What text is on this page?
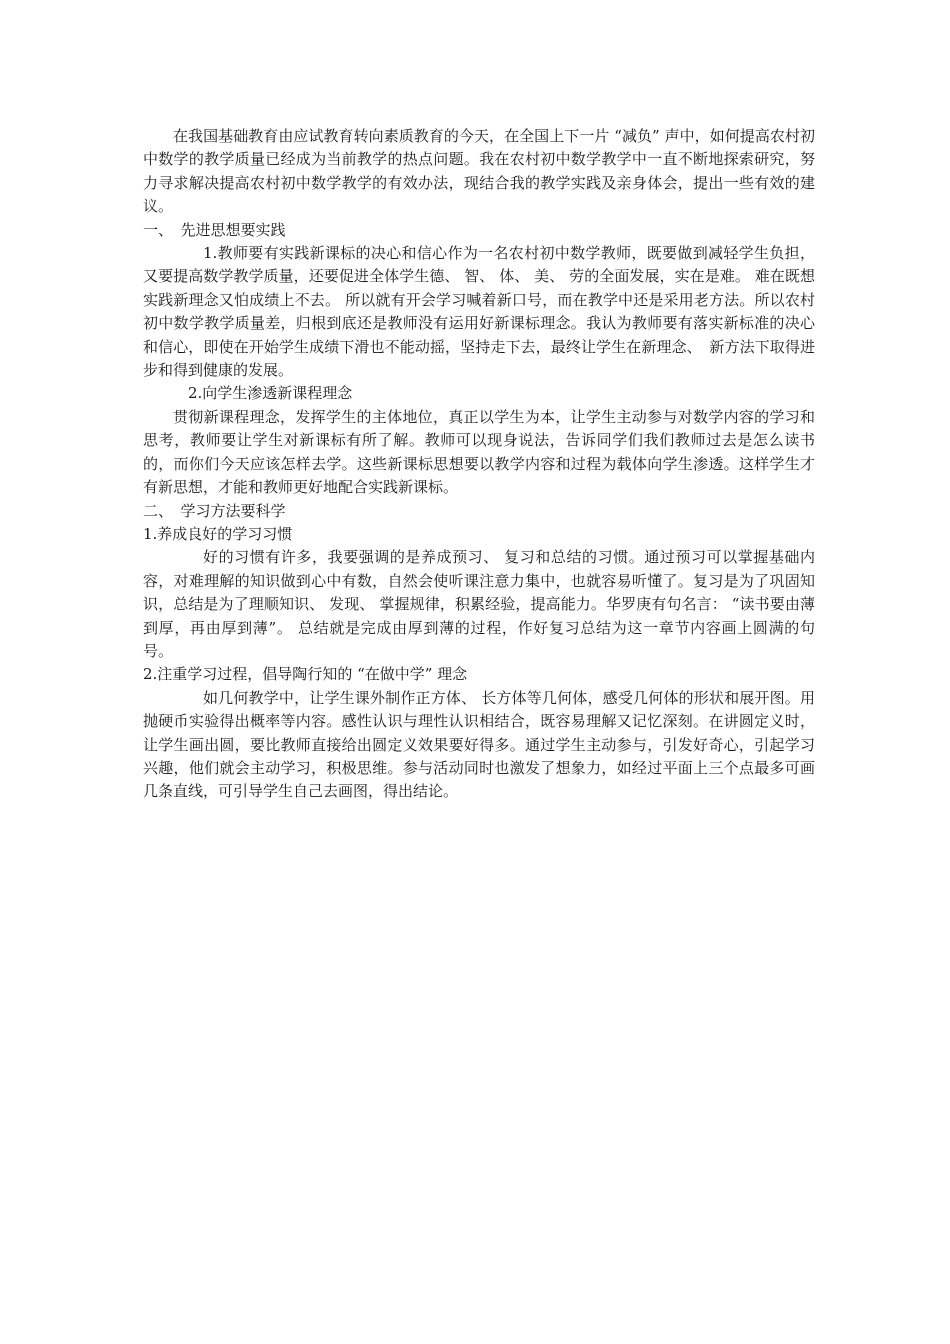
在我国基础教育由应试教育转向素质教育的今天，在全国上下一片 “减负” 声中，如何提高农村初中数学的教学质量已经成为当前教学的热点问题。我在农村初中数学教学中一直不断地探索研究，努力寻求解决提高农村初中数学教学的有效办法，现结合我的教学实践及亲身体会，提出一些有效的建议。

一、　先进思想要实践

1.教师要有实践新课标的决心和信心作为一名农村初中数学教师，既要做到减轻学生负担，又要提高数学教学质量，还要促进全体学生德、 智、 体、 美、 劳的全面发展，实在是难。 难在既想实践新理念又怕成绩上不去。 所以就有开会学习喊着新口号，而在教学中还是采用老方法。所以农村初中数学教学质量差，归根到底还是教师没有运用好新课标理念。我认为教师要有落实新标准的决心和信心，即使在开始学生成绩下滑也不能动摇，坚持走下去，最终让学生在新理念、　新方法下取得进步和得到健康的发展。

2.向学生渗透新课程理念

贯彻新课程理念，发挥学生的主体地位，真正以学生为本，让学生主动参与对数学内容的学习和思考，教师要让学生对新课标有所了解。教师可以现身说法，告诉同学们我们教师过去是怎么读书的，而你们今天应该怎样去学。这些新课标思想要以教学内容和过程为载体向学生渗透。这样学生才有新思想，才能和教师更好地配合实践新课标。

二、　学习方法要科学

1.养成良好的学习习惯

好的习惯有许多，我要强调的是养成预习、 复习和总结的习惯。通过预习可以掌握基础内容，对难理解的知识做到心中有数，自然会使听课注意力集中，也就容易听懂了。复习是为了巩固知识，总结是为了理顺知识、 发现、 掌握规律，积累经验，提高能力。华罗庚有句名言： “读书要由薄到厚，再由厚到薄”。 总结就是完成由厚到薄的过程，作好复习总结为这一章节内容画上圆满的句号。

2.注重学习过程，倡导陶行知的 “在做中学” 理念

如几何教学中，让学生课外制作正方体、 长方体等几何体，感受几何体的形状和展开图。用抛硬币实验得出概率等内容。感性认识与理性认识相结合，既容易理解又记忆深刻。在讲圆定义时，让学生画出圆，要比教师直接给出圆定义效果要好得多。通过学生主动参与，引发好奇心，引起学习兴趣，他们就会主动学习，积极思维。参与活动同时也激发了想象力，如经过平面上三个点最多可画几条直线，可引导学生自己去画图，得出结论。
